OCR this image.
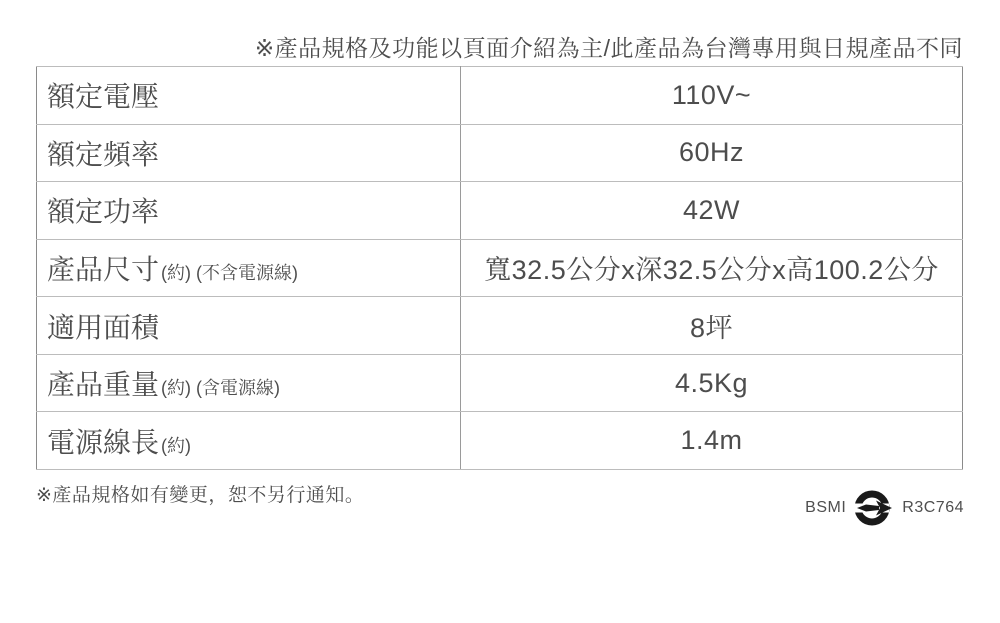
※產品規格及功能以頁面介紹為主/此產品為台灣專用與日規產品不同
額定電壓	110V~
額定頻率	60Hz
額定功率	42W
產品尺寸 (約) (不含電源線)	寬32.5公分x深32.5公分x高100.2公分
適用面積	8坪
產品重量 (約) (含電源線)	4.5Kg
電源線長 (約)	1.4m
※產品規格如有變更，恕不另行通知。
BSMI	R3C764
